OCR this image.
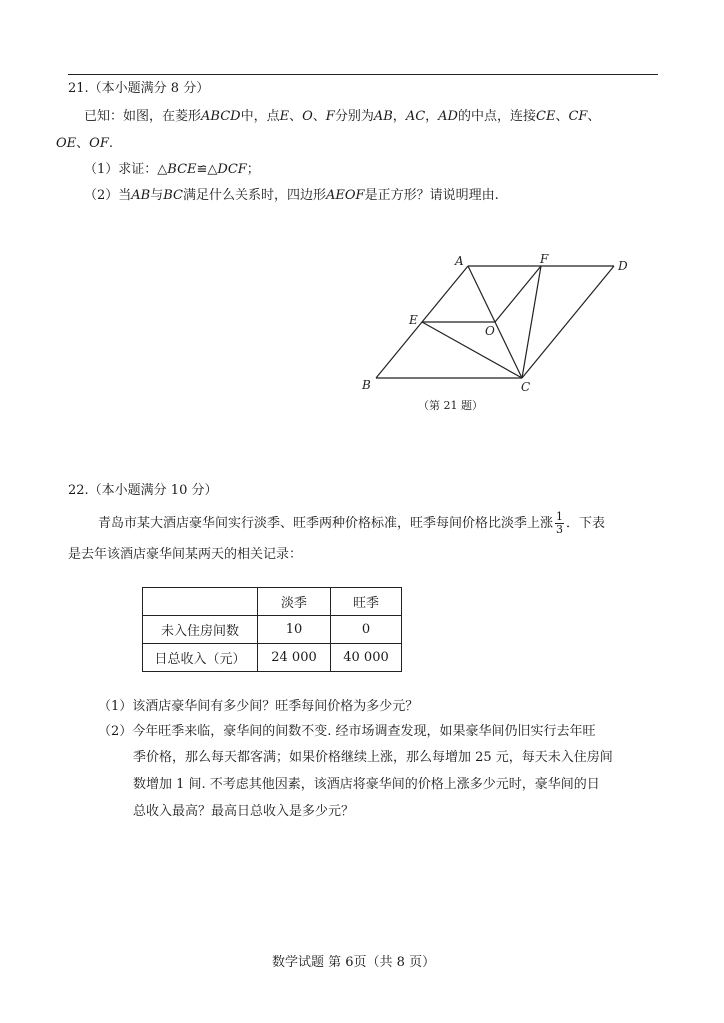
21.（本小题满分 8 分）
已知：如图，在菱形ABCD中，点E、O、F分别为AB，AC，AD的中点，连接CE、CF、
OE、OF.
（1）求证：△BCE≌△DCF；
（2）当AB与BC满足什么关系时，四边形AEOF是正方形？请说明理由.
A
B	C
D
E
F
O
（第 21 题）
22.（本小题满分 10 分）
青岛市某大酒店豪华间实行淡季、旺季两种价格标准，旺季每间价格比淡季上涨 $\frac{1}{3}$ ．下表
是去年该酒店豪华间某两天的相关记录：
	淡季	旺季
未入住房间数	10	0
日总收入（元）	24 000	40 000
（1）该酒店豪华间有多少间？旺季每间价格为多少元？
（2）今年旺季来临，豪华间的间数不变. 经市场调查发现，如果豪华间仍旧实行去年旺
季价格，那么每天都客满；如果价格继续上涨，那么每增加 25 元，每天未入住房间
数增加 1 间. 不考虑其他因素，该酒店将豪华间的价格上涨多少元时，豪华间的日
总收入最高？最高日总收入是多少元？
数学试题 第 6页（共 8 页）
